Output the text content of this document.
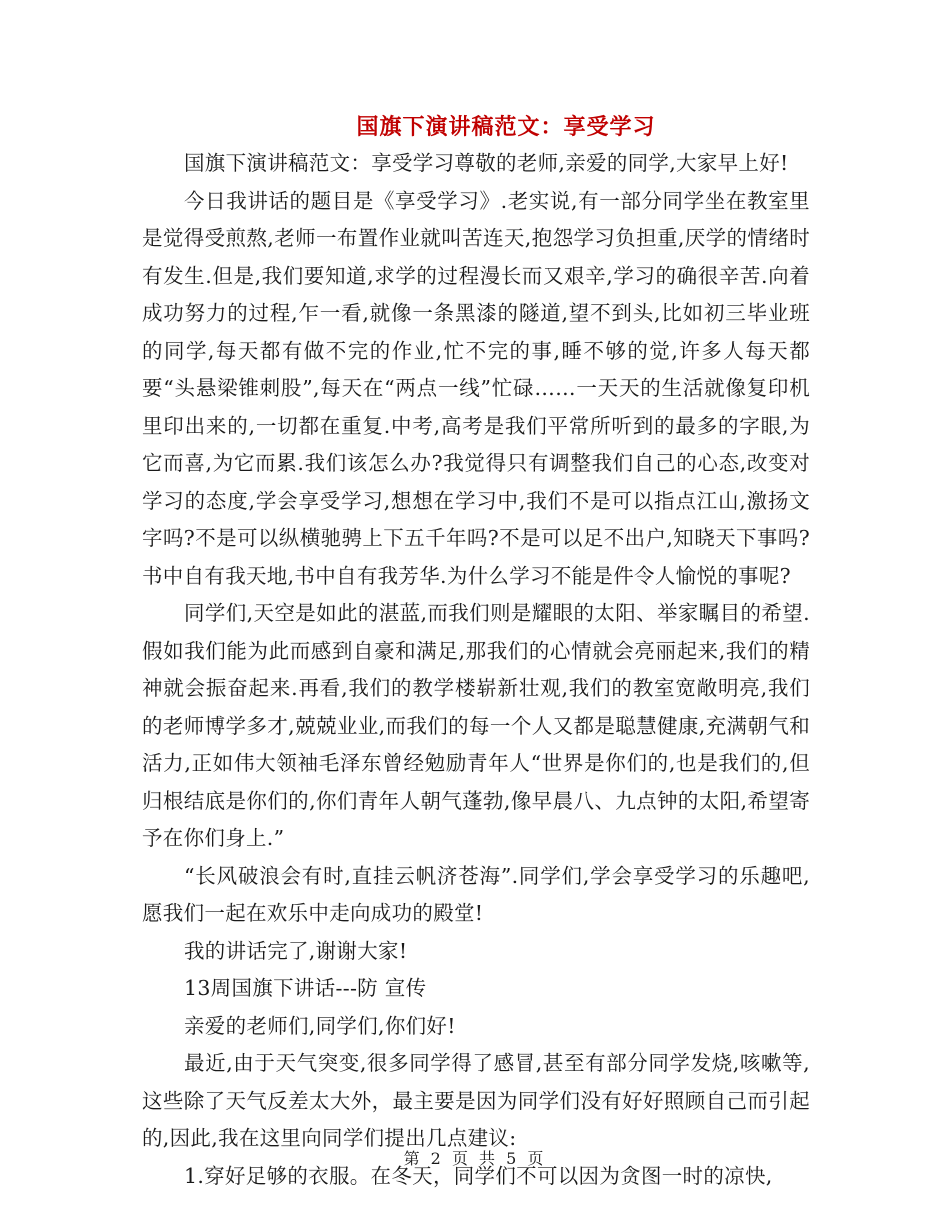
国旗下演讲稿范文：享受学习

国旗下演讲稿范文：享受学习尊敬的老师,亲爱的同学,大家早上好!

今日我讲话的题目是《享受学习》.老实说,有一部分同学坐在教室里是觉得受煎熬,老师一布置作业就叫苦连天,抱怨学习负担重,厌学的情绪时有发生.但是,我们要知道,求学的过程漫长而又艰辛,学习的确很辛苦.向着成功努力的过程,乍一看,就像一条黑漆的隧道,望不到头,比如初三毕业班的同学,每天都有做不完的作业,忙不完的事,睡不够的觉,许多人每天都要“头悬梁锥刺股”,每天在“两点一线”忙碌……一天天的生活就像复印机里印出来的,一切都在重复.中考,高考是我们平常所听到的最多的字眼,为它而喜,为它而累.我们该怎么办?我觉得只有调整我们自己的心态,改变对学习的态度,学会享受学习,想想在学习中,我们不是可以指点江山,激扬文字吗?不是可以纵横驰骋上下五千年吗?不是可以足不出户,知晓天下事吗?书中自有我天地,书中自有我芳华.为什么学习不能是件令人愉悦的事呢?

同学们,天空是如此的湛蓝,而我们则是耀眼的太阳、举家瞩目的希望.假如我们能为此而感到自豪和满足,那我们的心情就会亮丽起来,我们的精神就会振奋起来.再看,我们的教学楼崭新壮观,我们的教室宽敞明亮,我们的老师博学多才,兢兢业业,而我们的每一个人又都是聪慧健康,充满朝气和活力,正如伟大领袖毛泽东曾经勉励青年人“世界是你们的,也是我们的,但归根结底是你们的,你们青年人朝气蓬勃,像早晨八、九点钟的太阳,希望寄予在你们身上.”

“长风破浪会有时,直挂云帆济苍海”.同学们,学会享受学习的乐趣吧,愿我们一起在欢乐中走向成功的殿堂!

我的讲话完了,谢谢大家!

13周国旗下讲话---防 宣传

亲爱的老师们,同学们,你们好!

最近,由于天气突变,很多同学得了感冒,甚至有部分同学发烧,咳嗽等,这些除了天气反差太大外，最主要是因为同学们没有好好照顾自己而引起的,因此,我在这里向同学们提出几点建议:

1.穿好足够的衣服。在冬天，同学们不可以因为贪图一时的凉快,

第 2 页 共 5 页
